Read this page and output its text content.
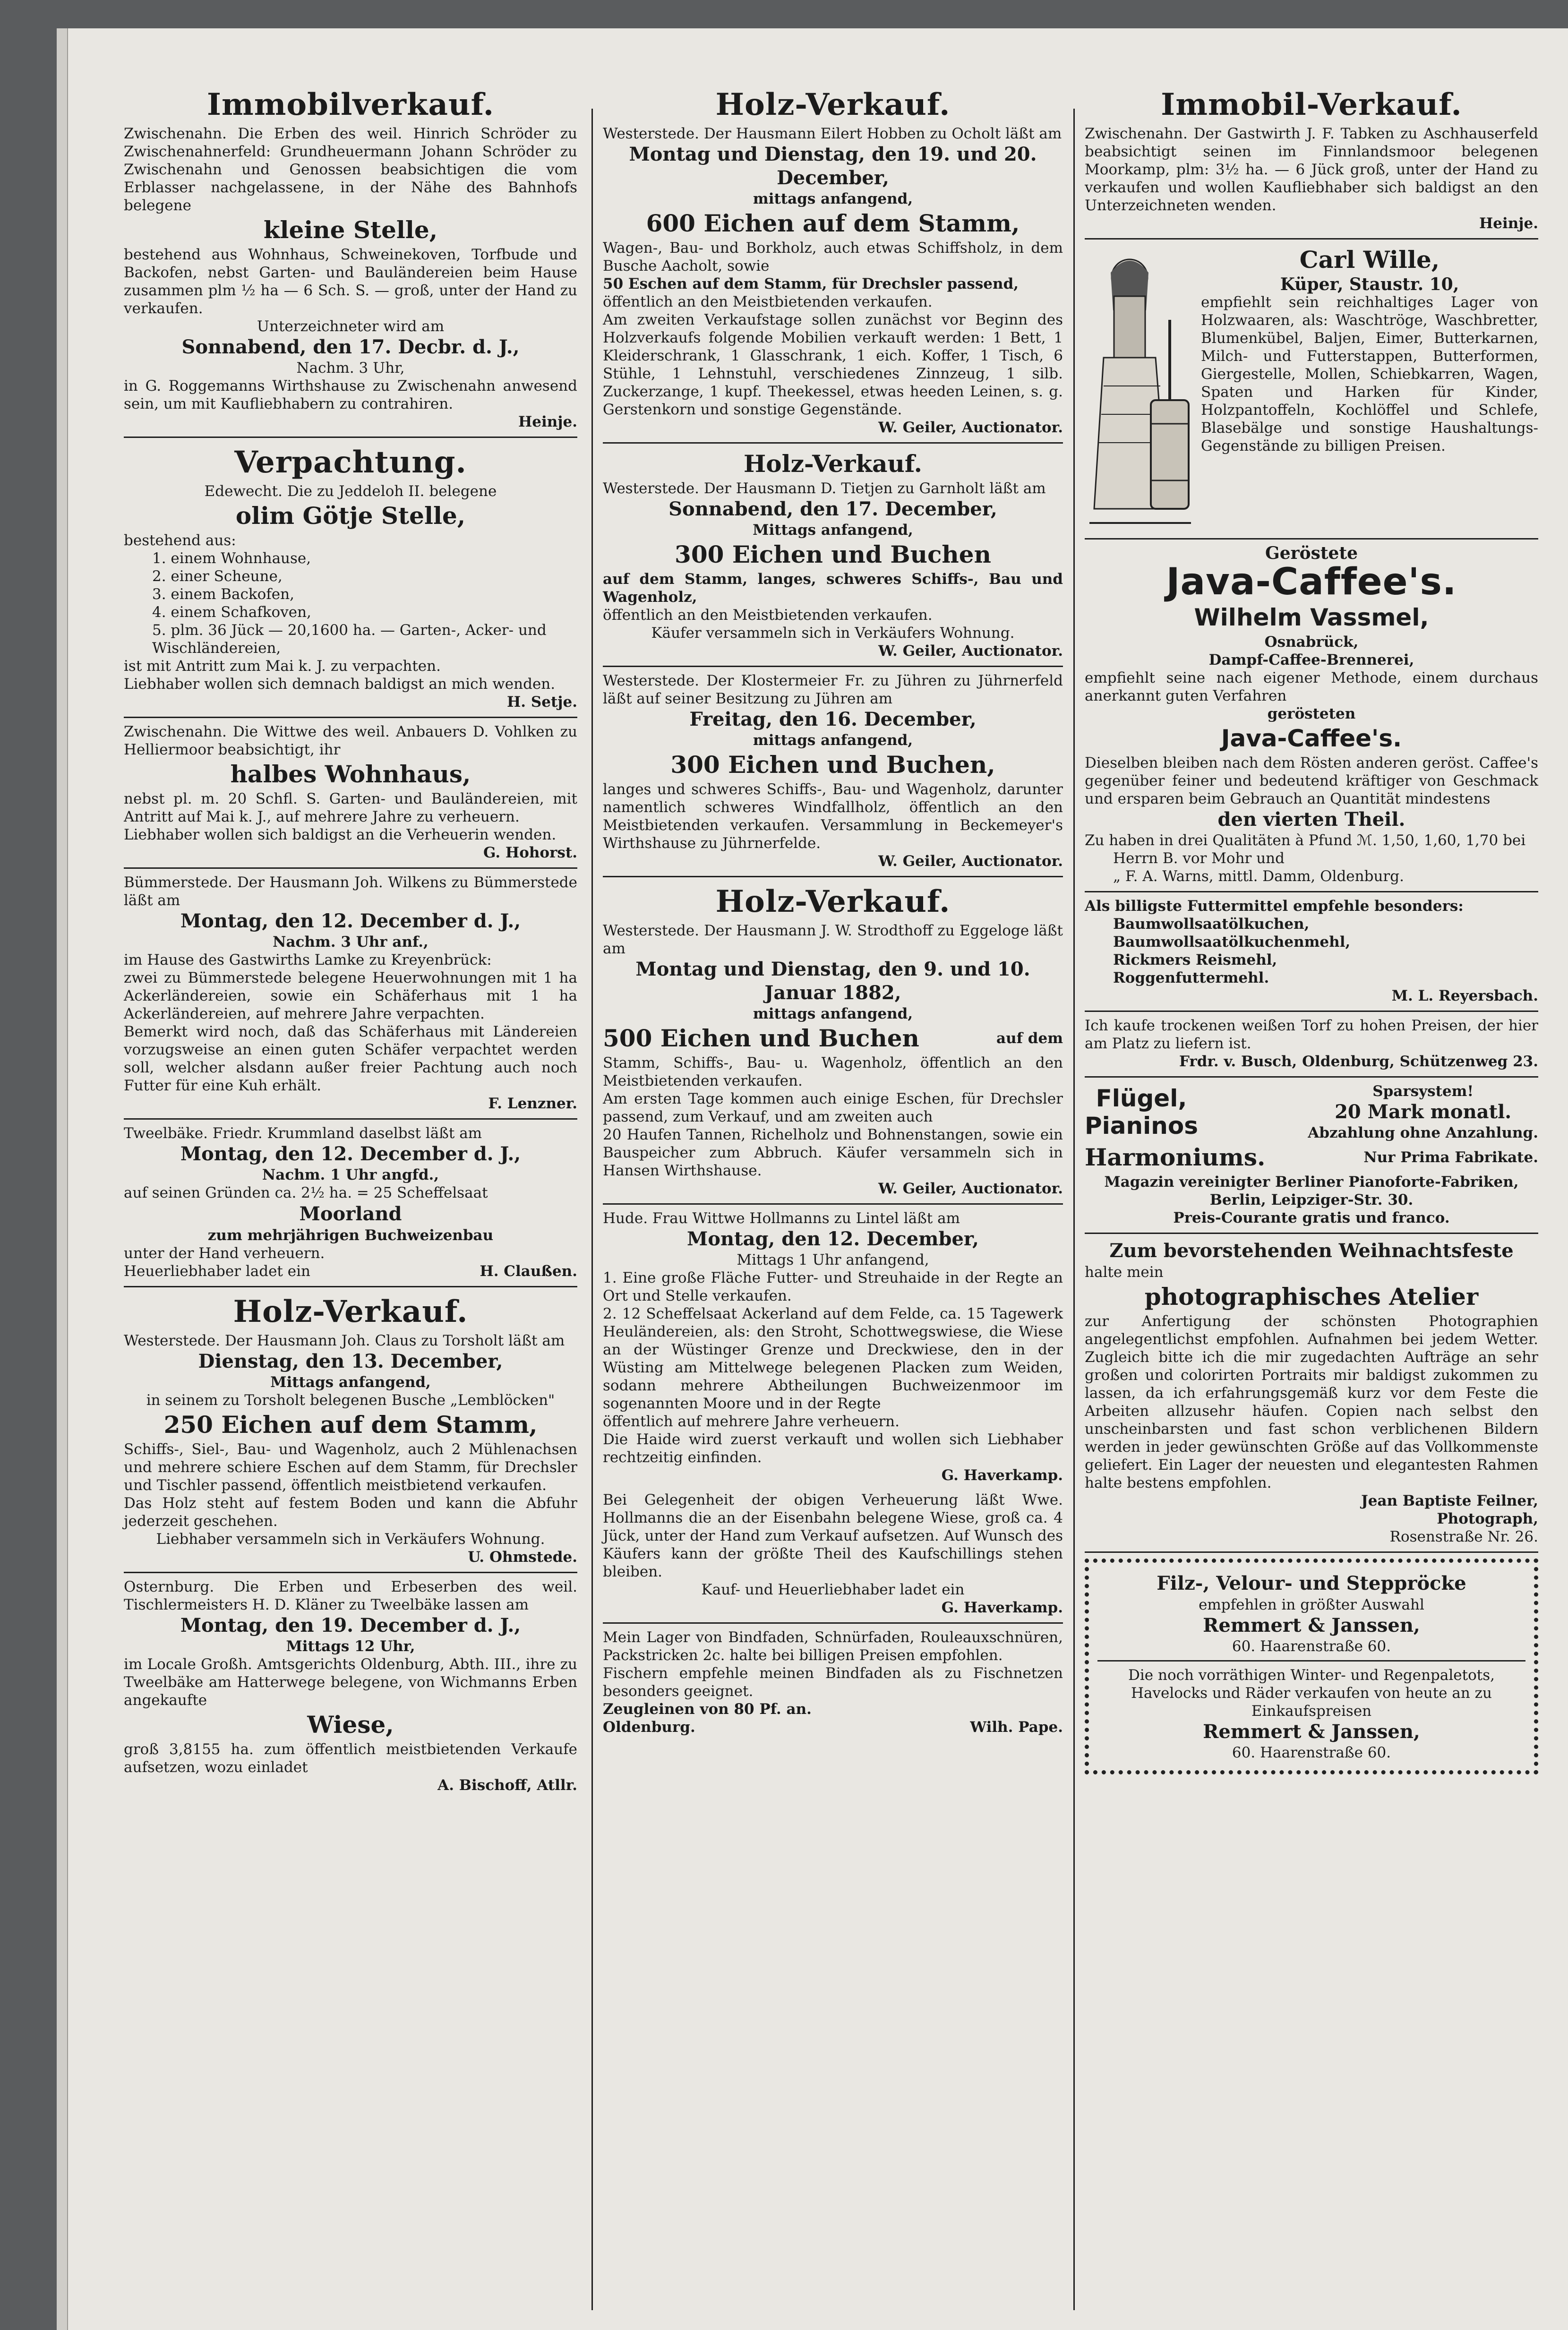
Immobilverkauf.

Zwischenahn. Die Erben des weil. Hinrich Schröder zu Zwischenahnerfeld: Grundheuermann Johann Schröder zu Zwischenahn und Genossen beabsichtigen die vom Erblasser nachgelassene, in der Nähe des Bahnhofs belegene

kleine Stelle,

bestehend aus Wohnhaus, Schweinekoven, Torfbude und Backofen, nebst Garten- und Bauländereien beim Hause zusammen plm ½ ha — 6 Sch. S. — groß, unter der Hand zu verkaufen.

Unterzeichneter wird am

Sonnabend, den 17. Decbr. d. J.,

Nachm. 3 Uhr,

in G. Roggemanns Wirthshause zu Zwischenahn anwesend sein, um mit Kaufliebhabern zu contrahiren.

Heinje.

Verpachtung.

Edewecht. Die zu Jeddeloh II. belegene

olim Götje Stelle,

bestehend aus:

1. einem Wohnhause,

2. einer Scheune,

3. einem Backofen,

4. einem Schafkoven,

5. plm. 36 Jück — 20,1600 ha. — Garten-, Acker- und Wischländereien,

ist mit Antritt zum Mai k. J. zu verpachten.

Liebhaber wollen sich demnach baldigst an mich wenden.

H. Setje.

Zwischenahn. Die Wittwe des weil. Anbauers D. Vohlken zu Helliermoor beabsichtigt, ihr

halbes Wohnhaus,

nebst pl. m. 20 Schfl. S. Garten- und Bauländereien, mit Antritt auf Mai k. J., auf mehrere Jahre zu verheuern.

Liebhaber wollen sich baldigst an die Verheuerin wenden.

G. Hohorst.

Bümmerstede. Der Hausmann Joh. Wilkens zu Bümmerstede läßt am

Montag, den 12. December d. J.,

Nachm. 3 Uhr anf.,

im Hause des Gastwirths Lamke zu Kreyenbrück:

zwei zu Bümmerstede belegene Heuerwohnungen mit 1 ha Ackerländereien, sowie ein Schäferhaus mit 1 ha Ackerländereien, auf mehrere Jahre verpachten.

Bemerkt wird noch, daß das Schäferhaus mit Ländereien vorzugsweise an einen guten Schäfer verpachtet werden soll, welcher alsdann außer freier Pachtung auch noch Futter für eine Kuh erhält.

F. Lenzner.

Tweelbäke. Friedr. Krummland daselbst läßt am

Montag, den 12. December d. J.,

Nachm. 1 Uhr angfd.,

auf seinen Gründen ca. 2½ ha. = 25 Scheffelsaat

Moorland

zum mehrjährigen Buchweizenbau

unter der Hand verheuern.

Heuerliebhaber ladet ein	H. Claußen.
Holz-Verkauf.

Westerstede. Der Hausmann Joh. Claus zu Torsholt läßt am

Dienstag, den 13. December,

Mittags anfangend,

in seinem zu Torsholt belegenen Busche „Lemblöcken"

250 Eichen auf dem Stamm,

Schiffs-, Siel-, Bau- und Wagenholz, auch 2 Mühlenachsen und mehrere schiere Eschen auf dem Stamm, für Drechsler und Tischler passend, öffentlich meistbietend verkaufen.

Das Holz steht auf festem Boden und kann die Abfuhr jederzeit geschehen.

Liebhaber versammeln sich in Verkäufers Wohnung.

U. Ohmstede.

Osternburg. Die Erben und Erbeserben des weil. Tischlermeisters H. D. Kläner zu Tweelbäke lassen am

Montag, den 19. December d. J.,

Mittags 12 Uhr,

im Locale Großh. Amtsgerichts Oldenburg, Abth. III., ihre zu Tweelbäke am Hatterwege belegene, von Wichmanns Erben angekaufte

Wiese,

groß 3,8155 ha. zum öffentlich meistbietenden Verkaufe aufsetzen, wozu einladet

A. Bischoff, Atllr.

Holz-Verkauf.

Westerstede. Der Hausmann Eilert Hobben zu Ocholt läßt am

Montag und Dienstag, den 19. und 20. December,

mittags anfangend,

600 Eichen auf dem Stamm,

Wagen-, Bau- und Borkholz, auch etwas Schiffsholz, in dem Busche Aacholt, sowie

50 Eschen auf dem Stamm, für Drechsler passend,

öffentlich an den Meistbietenden verkaufen.

Am zweiten Verkaufstage sollen zunächst vor Beginn des Holzverkaufs folgende Mobilien verkauft werden: 1 Bett, 1 Kleiderschrank, 1 Glasschrank, 1 eich. Koffer, 1 Tisch, 6 Stühle, 1 Lehnstuhl, verschiedenes Zinnzeug, 1 silb. Zuckerzange, 1 kupf. Theekessel, etwas heeden Leinen, s. g. Gerstenkorn und sonstige Gegenstände.

W. Geiler, Auctionator.

Holz-Verkauf.

Westerstede. Der Hausmann D. Tietjen zu Garnholt läßt am

Sonnabend, den 17. December,

Mittags anfangend,

300 Eichen und Buchen

auf dem Stamm, langes, schweres Schiffs-, Bau und Wagenholz,

öffentlich an den Meistbietenden verkaufen.

Käufer versammeln sich in Verkäufers Wohnung.

W. Geiler, Auctionator.

Westerstede. Der Klostermeier Fr. zu Jühren zu Jührnerfeld läßt auf seiner Besitzung zu Jühren am

Freitag, den 16. December,

mittags anfangend,

300 Eichen und Buchen,

langes und schweres Schiffs-, Bau- und Wagenholz, darunter namentlich schweres Windfallholz, öffentlich an den Meistbietenden verkaufen. Versammlung in Beckemeyer's Wirthshause zu Jührnerfelde.

W. Geiler, Auctionator.

Holz-Verkauf.

Westerstede. Der Hausmann J. W. Strodthoff zu Eggeloge läßt am

Montag und Dienstag, den 9. und 10. Januar 1882,

mittags anfangend,

500 Eichen und Buchen	auf dem

Stamm, Schiffs-, Bau- u. Wagenholz, öffentlich an den Meistbietenden verkaufen.

Am ersten Tage kommen auch einige Eschen, für Drechsler passend, zum Verkauf, und am zweiten auch

20 Haufen Tannen, Richelholz und Bohnenstangen, sowie ein Bauspeicher zum Abbruch. Käufer versammeln sich in Hansen Wirthshause.

W. Geiler, Auctionator.

Hude. Frau Wittwe Hollmanns zu Lintel läßt am

Montag, den 12. December,

Mittags 1 Uhr anfangend,

1. Eine große Fläche Futter- und Streuhaide in der Regte an Ort und Stelle verkaufen.

2. 12 Scheffelsaat Ackerland auf dem Felde, ca. 15 Tagewerk Heuländereien, als: den Stroht, Schottwegswiese, die Wiese an der Wüstinger Grenze und Dreckwiese, den in der Wüsting am Mittelwege belegenen Placken zum Weiden, sodann mehrere Abtheilungen Buchweizenmoor im sogenannten Moore und in der Regte

öffentlich auf mehrere Jahre verheuern.

Die Haide wird zuerst verkauft und wollen sich Liebhaber rechtzeitig einfinden.

G. Haverkamp.

Bei Gelegenheit der obigen Verheuerung läßt Wwe. Hollmanns die an der Eisenbahn belegene Wiese, groß ca. 4 Jück, unter der Hand zum Verkauf aufsetzen. Auf Wunsch des Käufers kann der größte Theil des Kaufschillings stehen bleiben.

Kauf- und Heuerliebhaber ladet ein

G. Haverkamp.

Mein Lager von Bindfaden, Schnürfaden, Rouleauxschnüren, Packstricken 2c. halte bei billigen Preisen empfohlen.

Fischern empfehle meinen Bindfaden als zu Fischnetzen besonders geeignet.

Zeugleinen von 80 Pf. an.

Oldenburg.	Wilh. Pape.
Immobil-Verkauf.

Zwischenahn. Der Gastwirth J. F. Tabken zu Aschhauserfeld beabsichtigt seinen im Finnlandsmoor belegenen Moorkamp, plm: 3½ ha. — 6 Jück groß, unter der Hand zu verkaufen und wollen Kaufliebhaber sich baldigst an den Unterzeichneten wenden.

Heinje.

Carl Wille,

Küper, Staustr. 10,

empfiehlt sein reichhaltiges Lager von Holzwaaren, als: Waschtröge, Waschbretter, Blumenkübel, Baljen, Eimer, Butterkarnen, Milch- und Futterstappen, Butterformen, Giergestelle, Mollen, Schiebkarren, Wagen, Spaten und Harken für Kinder, Holzpantoffeln, Kochlöffel und Schlefe, Blasebälge und sonstige Haushaltungs-Gegenstände zu billigen Preisen.

Geröstete

Java-Caffee's.
Wilhelm Vassmel,

Osnabrück,

Dampf-Caffee-Brennerei,

empfiehlt seine nach eigener Methode, einem durchaus anerkannt guten Verfahren

gerösteten

Java-Caffee's.

Dieselben bleiben nach dem Rösten anderen geröst. Caffee's gegenüber feiner und bedeutend kräftiger von Geschmack und ersparen beim Gebrauch an Quantität mindestens

den vierten Theil.

Zu haben in drei Qualitäten à Pfund ℳ. 1,50, 1,60, 1,70 bei

Herrn B. vor Mohr und

„ F. A. Warns, mittl. Damm, Oldenburg.

Als billigste Futtermittel empfehle besonders:

Baumwollsaatölkuchen,

Baumwollsaatölkuchenmehl,

Rickmers Reismehl,

Roggenfuttermehl.

M. L. Reyersbach.

Ich kaufe trockenen weißen Torf zu hohen Preisen, der hier am Platz zu liefern ist.

Frdr. v. Busch, Oldenburg, Schützenweg 23.

Flügel,
Pianinos

Sparsystem!

20 Mark monatl.

Abzahlung ohne Anzahlung.

Harmoniums.	Nur Prima Fabrikate.

Magazin vereinigter Berliner Pianoforte-Fabriken,

Berlin, Leipziger-Str. 30.

Preis-Courante gratis und franco.

Zum bevorstehenden Weihnachtsfeste

halte mein

photographisches Atelier

zur Anfertigung der schönsten Photographien angelegentlichst empfohlen. Aufnahmen bei jedem Wetter. Zugleich bitte ich die mir zugedachten Aufträge an sehr großen und colorirten Portraits mir baldigst zukommen zu lassen, da ich erfahrungsgemäß kurz vor dem Feste die Arbeiten allzusehr häufen. Copien nach selbst den unscheinbarsten und fast schon verblichenen Bildern werden in jeder gewünschten Größe auf das Vollkommenste geliefert. Ein Lager der neuesten und elegantesten Rahmen halte bestens empfohlen.

Jean Baptiste Feilner,

Photograph,

Rosenstraße Nr. 26.

Filz-, Velour- und Steppröcke

empfehlen in größter Auswahl

Remmert & Janssen,

60. Haarenstraße 60.

Die noch vorräthigen Winter- und Regenpaletots, Havelocks und Räder verkaufen von heute an zu Einkaufspreisen

Remmert & Janssen,

60. Haarenstraße 60.
